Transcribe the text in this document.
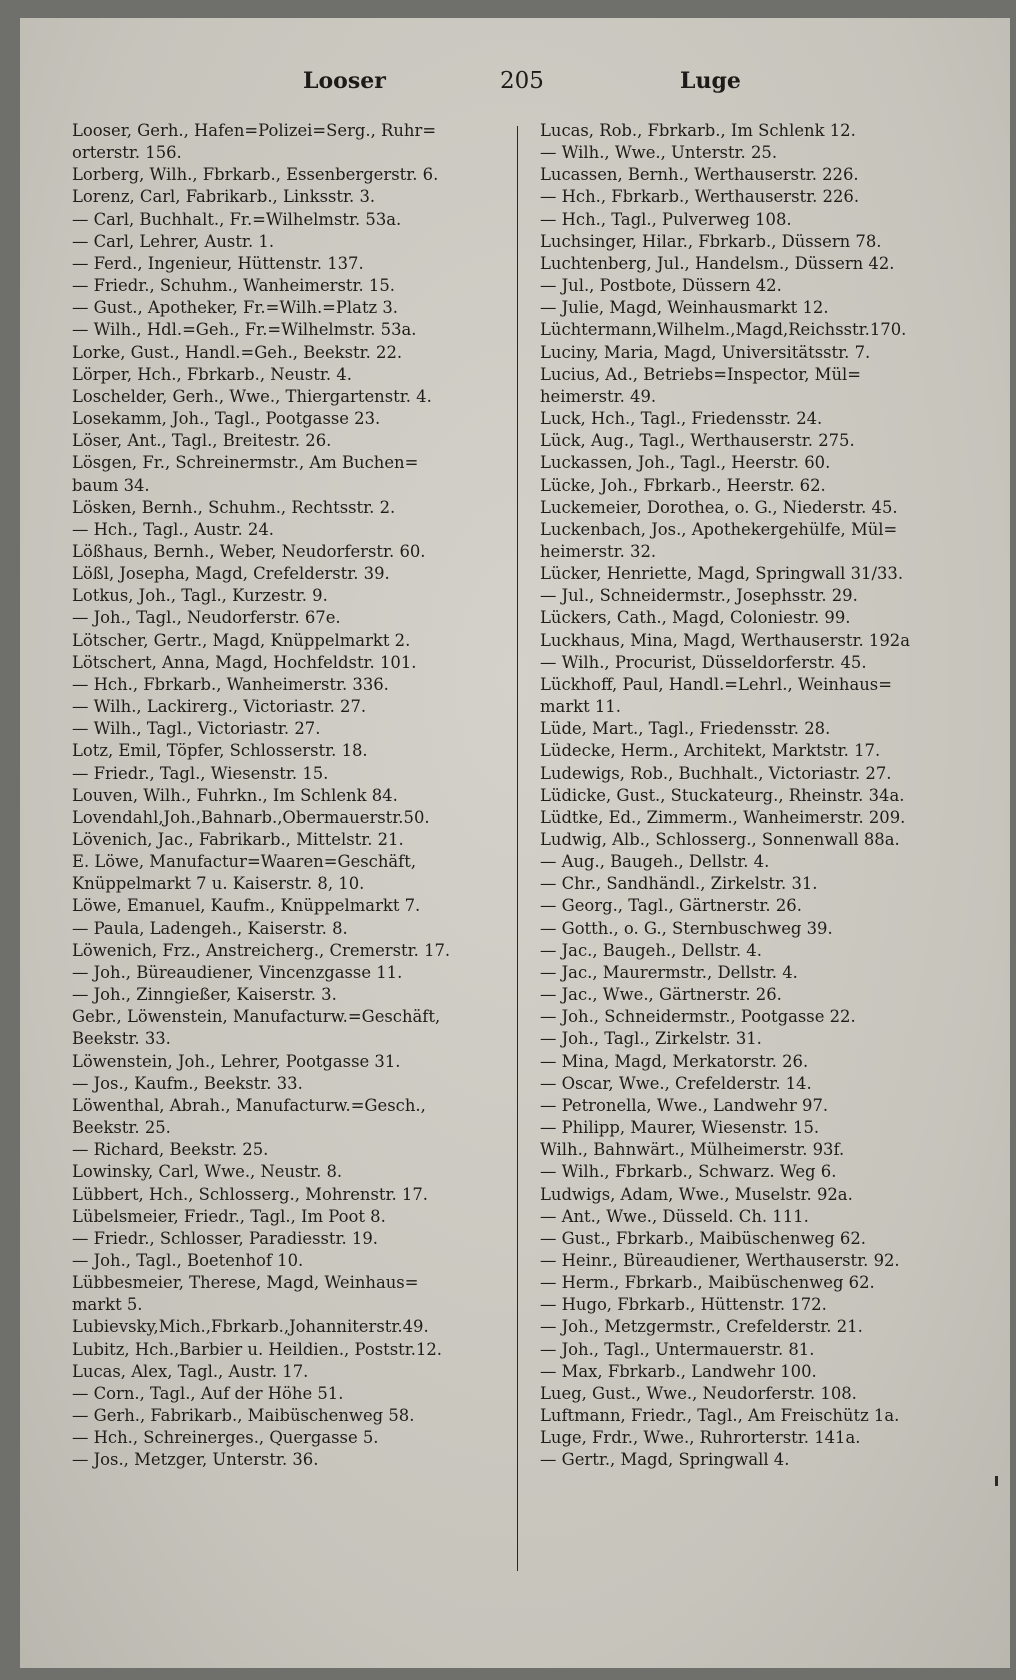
Looser	205	Luge
Looser, Gerh., Hafen=Polizei=Serg., Ruhr=
orterstr. 156.
Lorberg, Wilh., Fbrkarb., Essenbergerstr. 6.
Lorenz, Carl, Fabrikarb., Linksstr. 3.
— Carl, Buchhalt., Fr.=Wilhelmstr. 53a.
— Carl, Lehrer, Austr. 1.
— Ferd., Ingenieur, Hüttenstr. 137.
— Friedr., Schuhm., Wanheimerstr. 15.
— Gust., Apotheker, Fr.=Wilh.=Platz 3.
— Wilh., Hdl.=Geh., Fr.=Wilhelmstr. 53a.
Lorke, Gust., Handl.=Geh., Beekstr. 22.
Lörper, Hch., Fbrkarb., Neustr. 4.
Loschelder, Gerh., Wwe., Thiergartenstr. 4.
Losekamm, Joh., Tagl., Pootgasse 23.
Löser, Ant., Tagl., Breitestr. 26.
Lösgen, Fr., Schreinermstr., Am Buchen=
baum 34.
Lösken, Bernh., Schuhm., Rechtsstr. 2.
— Hch., Tagl., Austr. 24.
Lößhaus, Bernh., Weber, Neudorferstr. 60.
Lößl, Josepha, Magd, Crefelderstr. 39.
Lotkus, Joh., Tagl., Kurzestr. 9.
— Joh., Tagl., Neudorferstr. 67e.
Lötscher, Gertr., Magd, Knüppelmarkt 2.
Lötschert, Anna, Magd, Hochfeldstr. 101.
— Hch., Fbrkarb., Wanheimerstr. 336.
— Wilh., Lackirerg., Victoriastr. 27.
— Wilh., Tagl., Victoriastr. 27.
Lotz, Emil, Töpfer, Schlosserstr. 18.
— Friedr., Tagl., Wiesenstr. 15.
Louven, Wilh., Fuhrkn., Im Schlenk 84.
Lovendahl,Joh.,Bahnarb.,Obermauerstr.50.
Lövenich, Jac., Fabrikarb., Mittelstr. 21.
E. Löwe, Manufactur=Waaren=Geschäft,
Knüppelmarkt 7 u. Kaiserstr. 8, 10.
Löwe, Emanuel, Kaufm., Knüppelmarkt 7.
— Paula, Ladengeh., Kaiserstr. 8.
Löwenich, Frz., Anstreicherg., Cremerstr. 17.
— Joh., Büreaudiener, Vincenzgasse 11.
— Joh., Zinngießer, Kaiserstr. 3.
Gebr., Löwenstein, Manufacturw.=Geschäft,
Beekstr. 33.
Löwenstein, Joh., Lehrer, Pootgasse 31.
— Jos., Kaufm., Beekstr. 33.
Löwenthal, Abrah., Manufacturw.=Gesch.,
Beekstr. 25.
— Richard, Beekstr. 25.
Lowinsky, Carl, Wwe., Neustr. 8.
Lübbert, Hch., Schlosserg., Mohrenstr. 17.
Lübelsmeier, Friedr., Tagl., Im Poot 8.
— Friedr., Schlosser, Paradiesstr. 19.
— Joh., Tagl., Boetenhof 10.
Lübbesmeier, Therese, Magd, Weinhaus=
markt 5.
Lubievsky,Mich.,Fbrkarb.,Johanniterstr.49.
Lubitz, Hch.,Barbier u. Heildien., Poststr.12.
Lucas, Alex, Tagl., Austr. 17.
— Corn., Tagl., Auf der Höhe 51.
— Gerh., Fabrikarb., Maibüschenweg 58.
— Hch., Schreinerges., Quergasse 5.
— Jos., Metzger, Unterstr. 36.
Lucas, Rob., Fbrkarb., Im Schlenk 12.
— Wilh., Wwe., Unterstr. 25.
Lucassen, Bernh., Werthauserstr. 226.
— Hch., Fbrkarb., Werthauserstr. 226.
— Hch., Tagl., Pulverweg 108.
Luchsinger, Hilar., Fbrkarb., Düssern 78.
Luchtenberg, Jul., Handelsm., Düssern 42.
— Jul., Postbote, Düssern 42.
— Julie, Magd, Weinhausmarkt 12.
Lüchtermann,Wilhelm.,Magd,Reichsstr.170.
Luciny, Maria, Magd, Universitätsstr. 7.
Lucius, Ad., Betriebs=Inspector, Mül=
heimerstr. 49.
Luck, Hch., Tagl., Friedensstr. 24.
Lück, Aug., Tagl., Werthauserstr. 275.
Luckassen, Joh., Tagl., Heerstr. 60.
Lücke, Joh., Fbrkarb., Heerstr. 62.
Luckemeier, Dorothea, o. G., Niederstr. 45.
Luckenbach, Jos., Apothekergehülfe, Mül=
heimerstr. 32.
Lücker, Henriette, Magd, Springwall 31/33.
— Jul., Schneidermstr., Josephsstr. 29.
Lückers, Cath., Magd, Coloniestr. 99.
Luckhaus, Mina, Magd, Werthauserstr. 192a
— Wilh., Procurist, Düsseldorferstr. 45.
Lückhoff, Paul, Handl.=Lehrl., Weinhaus=
markt 11.
Lüde, Mart., Tagl., Friedensstr. 28.
Lüdecke, Herm., Architekt, Marktstr. 17.
Ludewigs, Rob., Buchhalt., Victoriastr. 27.
Lüdicke, Gust., Stuckateurg., Rheinstr. 34a.
Lüdtke, Ed., Zimmerm., Wanheimerstr. 209.
Ludwig, Alb., Schlosserg., Sonnenwall 88a.
— Aug., Baugeh., Dellstr. 4.
— Chr., Sandhändl., Zirkelstr. 31.
— Georg., Tagl., Gärtnerstr. 26.
— Gotth., o. G., Sternbuschweg 39.
— Jac., Baugeh., Dellstr. 4.
— Jac., Maurermstr., Dellstr. 4.
— Jac., Wwe., Gärtnerstr. 26.
— Joh., Schneidermstr., Pootgasse 22.
— Joh., Tagl., Zirkelstr. 31.
— Mina, Magd, Merkatorstr. 26.
— Oscar, Wwe., Crefelderstr. 14.
— Petronella, Wwe., Landwehr 97.
— Philipp, Maurer, Wiesenstr. 15.
Wilh., Bahnwärt., Mülheimerstr. 93f.
— Wilh., Fbrkarb., Schwarz. Weg 6.
Ludwigs, Adam, Wwe., Muselstr. 92a.
— Ant., Wwe., Düsseld. Ch. 111.
— Gust., Fbrkarb., Maibüschenweg 62.
— Heinr., Büreaudiener, Werthauserstr. 92.
— Herm., Fbrkarb., Maibüschenweg 62.
— Hugo, Fbrkarb., Hüttenstr. 172.
— Joh., Metzgermstr., Crefelderstr. 21.
— Joh., Tagl., Untermauerstr. 81.
— Max, Fbrkarb., Landwehr 100.
Lueg, Gust., Wwe., Neudorferstr. 108.
Luftmann, Friedr., Tagl., Am Freischütz 1a.
Luge, Frdr., Wwe., Ruhrorterstr. 141a.
— Gertr., Magd, Springwall 4.
